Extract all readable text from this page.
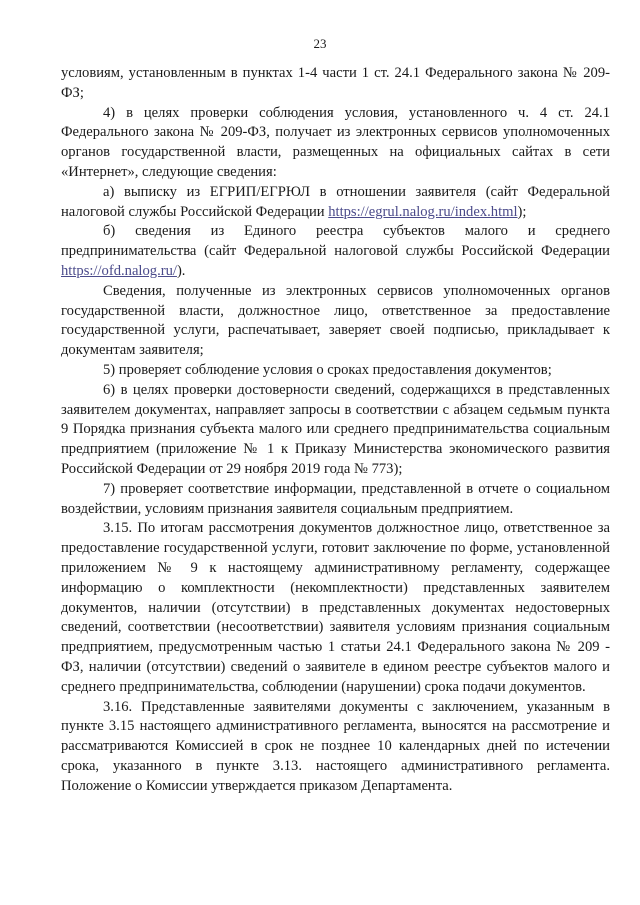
23

условиям, установленным в пунктах 1-4 части 1 ст. 24.1 Федерального закона № 209-ФЗ;

4) в целях проверки соблюдения условия, установленного ч. 4 ст. 24.1 Федерального закона № 209-ФЗ, получает из электронных сервисов уполномоченных органов государственной власти, размещенных на официальных сайтах в сети «Интернет», следующие сведения:

а) выписку из ЕГРИП/ЕГРЮЛ в отношении заявителя (сайт Федеральной налоговой службы Российской Федерации https://egrul.nalog.ru/index.html);

б) сведения из Единого реестра субъектов малого и среднего предпринимательства (сайт Федеральной налоговой службы Российской Федерации https://ofd.nalog.ru/).

Сведения, полученные из электронных сервисов уполномоченных органов государственной власти, должностное лицо, ответственное за предоставление государственной услуги, распечатывает, заверяет своей подписью, прикладывает к документам заявителя;

5) проверяет соблюдение условия о сроках предоставления документов;

6) в целях проверки достоверности сведений, содержащихся в представленных заявителем документах, направляет запросы в соответствии с абзацем седьмым пункта 9 Порядка признания субъекта малого или среднего предпринимательства социальным предприятием (приложение № 1 к Приказу Министерства экономического развития Российской Федерации от 29 ноября 2019 года № 773);

7) проверяет соответствие информации, представленной в отчете о социальном воздействии, условиям признания заявителя социальным предприятием.

3.15. По итогам рассмотрения документов должностное лицо, ответственное за предоставление государственной услуги, готовит заключение по форме, установленной приложением № 9 к настоящему административному регламенту, содержащее информацию о комплектности (некомплектности) представленных заявителем документов, наличии (отсутствии) в представленных документах недостоверных сведений, соответствии (несоответствии) заявителя условиям признания социальным предприятием, предусмотренным частью 1 статьи 24.1 Федерального закона № 209 - ФЗ, наличии (отсутствии) сведений о заявителе в едином реестре субъектов малого и среднего предпринимательства, соблюдении (нарушении) срока подачи документов.

3.16. Представленные заявителями документы с заключением, указанным в пункте 3.15 настоящего административного регламента, выносятся на рассмотрение и рассматриваются Комиссией в срок не позднее 10 календарных дней по истечении срока, указанного в пункте 3.13. настоящего административного регламента. Положение о Комиссии утверждается приказом Департамента.
